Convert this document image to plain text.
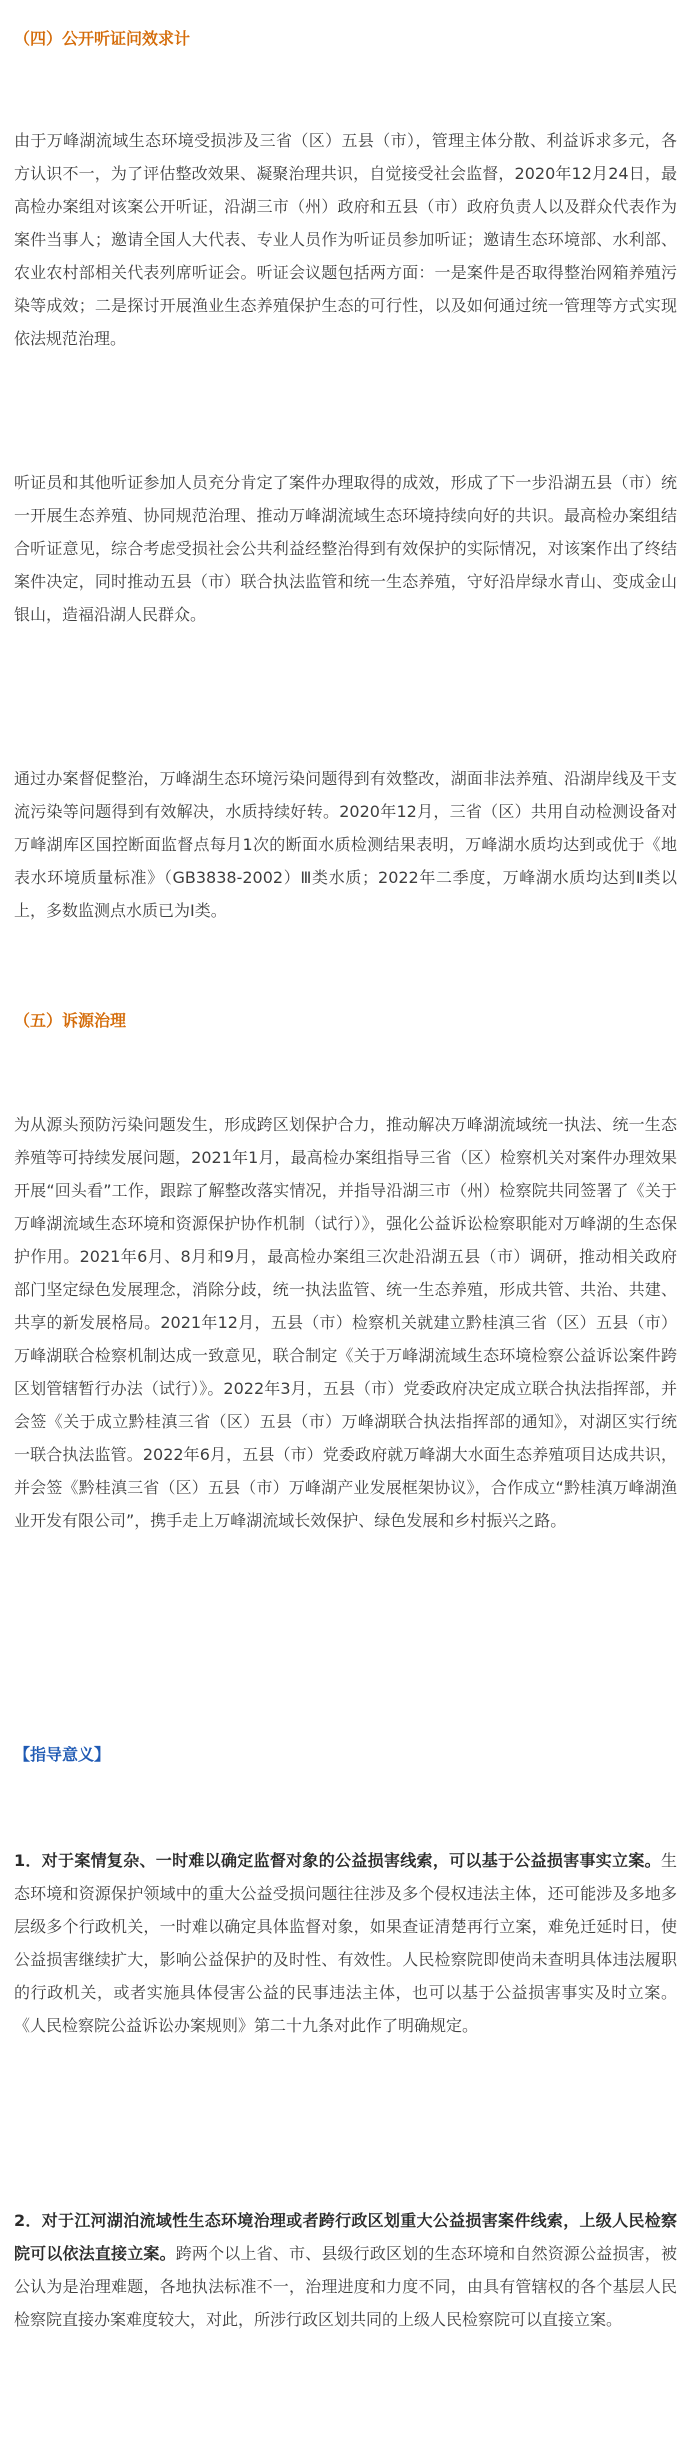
（四）公开听证问效求计

由于万峰湖流域生态环境受损涉及三省（区）五县（市），管理主体分散、利益诉求多元，各方认识不一，为了评估整改效果、凝聚治理共识，自觉接受社会监督，2020年12月24日，最高检办案组对该案公开听证，沿湖三市（州）政府和五县（市）政府负责人以及群众代表作为案件当事人；邀请全国人大代表、专业人员作为听证员参加听证；邀请生态环境部、水利部、农业农村部相关代表列席听证会。听证会议题包括两方面：一是案件是否取得整治网箱养殖污染等成效；二是探讨开展渔业生态养殖保护生态的可行性，以及如何通过统一管理等方式实现依法规范治理。

听证员和其他听证参加人员充分肯定了案件办理取得的成效，形成了下一步沿湖五县（市）统一开展生态养殖、协同规范治理、推动万峰湖流域生态环境持续向好的共识。最高检办案组结合听证意见，综合考虑受损社会公共利益经整治得到有效保护的实际情况，对该案作出了终结案件决定，同时推动五县（市）联合执法监管和统一生态养殖，守好沿岸绿水青山、变成金山银山，造福沿湖人民群众。

通过办案督促整治，万峰湖生态环境污染问题得到有效整改，湖面非法养殖、沿湖岸线及干支流污染等问题得到有效解决，水质持续好转。2020年12月，三省（区）共用自动检测设备对万峰湖库区国控断面监督点每月1次的断面水质检测结果表明，万峰湖水质均达到或优于《地表水环境质量标准》（GB3838-2002）Ⅲ类水质；2022年二季度，万峰湖水质均达到Ⅱ类以上，多数监测点水质已为Ⅰ类。

（五）诉源治理

为从源头预防污染问题发生，形成跨区划保护合力，推动解决万峰湖流域统一执法、统一生态养殖等可持续发展问题，2021年1月，最高检办案组指导三省（区）检察机关对案件办理效果开展“回头看”工作，跟踪了解整改落实情况，并指导沿湖三市（州）检察院共同签署了《关于万峰湖流域生态环境和资源保护协作机制（试行）》，强化公益诉讼检察职能对万峰湖的生态保护作用。2021年6月、8月和9月，最高检办案组三次赴沿湖五县（市）调研，推动相关政府部门坚定绿色发展理念，消除分歧，统一执法监管、统一生态养殖，形成共管、共治、共建、共享的新发展格局。2021年12月，五县（市）检察机关就建立黔桂滇三省（区）五县（市）万峰湖联合检察机制达成一致意见，联合制定《关于万峰湖流域生态环境检察公益诉讼案件跨区划管辖暂行办法（试行）》。2022年3月，五县（市）党委政府决定成立联合执法指挥部，并会签《关于成立黔桂滇三省（区）五县（市）万峰湖联合执法指挥部的通知》，对湖区实行统一联合执法监管。2022年6月，五县（市）党委政府就万峰湖大水面生态养殖项目达成共识，并会签《黔桂滇三省（区）五县（市）万峰湖产业发展框架协议》，合作成立“黔桂滇万峰湖渔业开发有限公司”，携手走上万峰湖流域长效保护、绿色发展和乡村振兴之路。

【指导意义】

1．对于案情复杂、一时难以确定监督对象的公益损害线索，可以基于公益损害事实立案。生态环境和资源保护领域中的重大公益受损问题往往涉及多个侵权违法主体，还可能涉及多地多层级多个行政机关，一时难以确定具体监督对象，如果查证清楚再行立案，难免迁延时日，使公益损害继续扩大，影响公益保护的及时性、有效性。人民检察院即使尚未查明具体违法履职的行政机关，或者实施具体侵害公益的民事违法主体，也可以基于公益损害事实及时立案。《人民检察院公益诉讼办案规则》第二十九条对此作了明确规定。

2．对于江河湖泊流域性生态环境治理或者跨行政区划重大公益损害案件线索，上级人民检察院可以依法直接立案。跨两个以上省、市、县级行政区划的生态环境和自然资源公益损害，被公认为是治理难题，各地执法标准不一，治理进度和力度不同，由具有管辖权的各个基层人民检察院直接办案难度较大，对此，所涉行政区划共同的上级人民检察院可以直接立案。
